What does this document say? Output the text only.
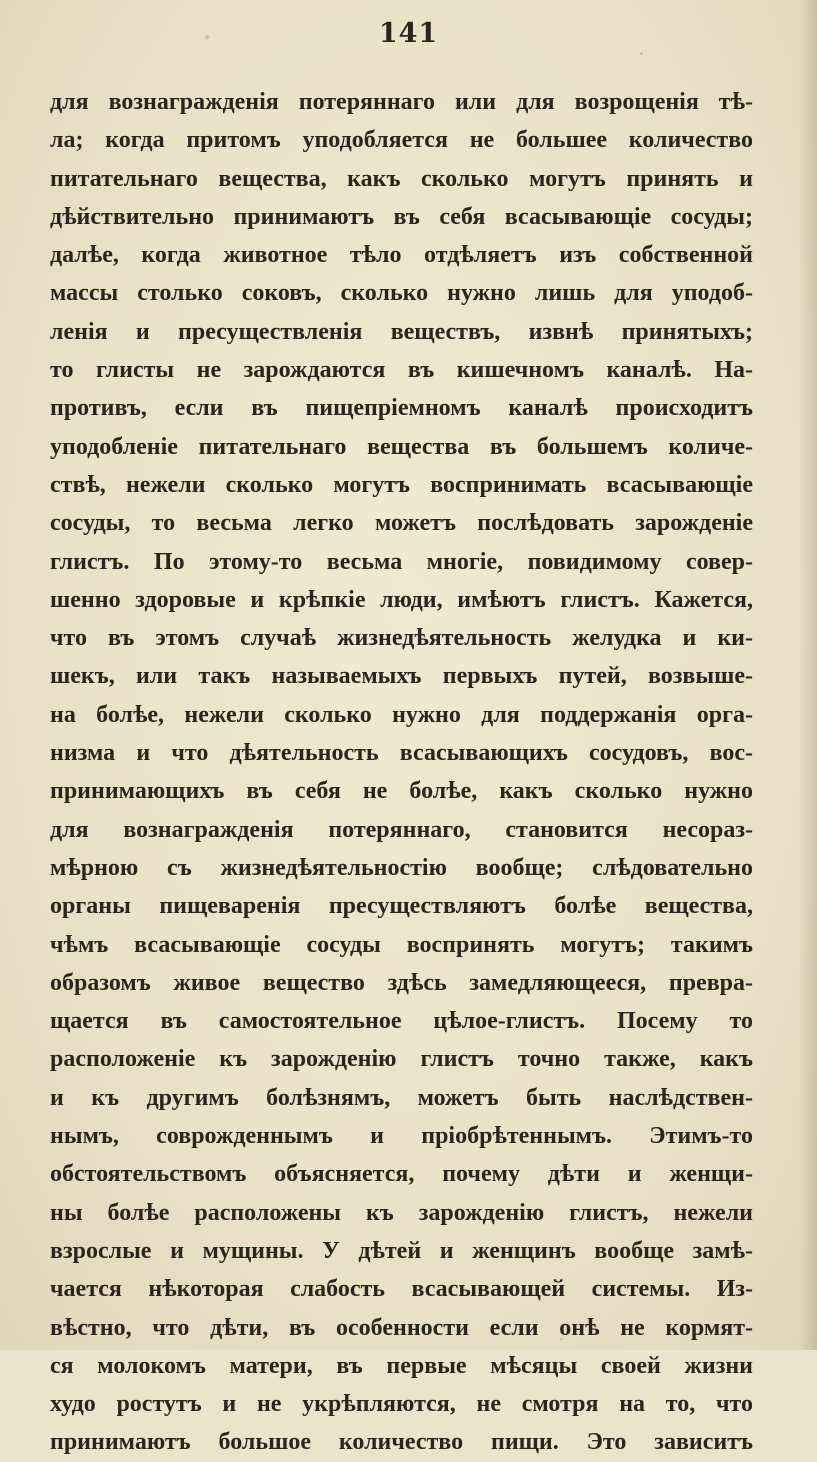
141
для вознагражденія потеряннаго или для возрощенія тѣ-
ла; когда притомъ уподобляется не большее количество
питательнаго вещества, какъ сколько могутъ принять и
дѣйствительно принимаютъ въ себя всасывающіе сосуды;
далѣе, когда животное тѣло отдѣляетъ изъ собственной
массы столько соковъ, сколько нужно лишь для уподоб-
ленія и пресуществленія веществъ, извнѣ принятыхъ;
то глисты не зарождаются въ кишечномъ каналѣ. На-
противъ, если въ пищепріемномъ каналѣ происходитъ
уподобленіе питательнаго вещества въ большемъ количе-
ствѣ, нежели сколько могутъ воспринимать всасывающіе
сосуды, то весьма легко можетъ послѣдовать зарожденіе
глистъ. По этому-то весьма многіе, повидимому совер-
шенно здоровые и крѣпкіе люди, имѣютъ глистъ. Кажется,
что въ этомъ случаѣ жизнедѣятельность желудка и ки-
шекъ, или такъ называемыхъ первыхъ путей, возвыше-
на болѣе, нежели сколько нужно для поддержанія орга-
низма и что дѣятельность всасывающихъ сосудовъ, вос-
принимающихъ въ себя не болѣе, какъ сколько нужно
для вознагражденія потеряннаго, становится несораз-
мѣрною съ жизнедѣятельностію вообще; слѣдовательно
органы пищеваренія пресуществляютъ болѣе вещества,
чѣмъ всасывающіе сосуды воспринять могутъ; такимъ
образомъ живое вещество здѣсь замедляющееся, превра-
щается въ самостоятельное цѣлое-глистъ. Посему то
расположеніе къ зарожденію глистъ точно также, какъ
и къ другимъ болѣзнямъ, можетъ быть наслѣдствен-
нымъ, соврожденнымъ и пріобрѣтеннымъ. Этимъ-то
обстоятельствомъ объясняется, почему дѣти и женщи-
ны болѣе расположены къ зарожденію глистъ, нежели
взрослые и мущины. У дѣтей и женщинъ вообще замѣ-
чается нѣкоторая слабость всасывающей системы. Из-
вѣстно, что дѣти, въ особенности если онѣ не кормят-
ся молокомъ матери, въ первые мѣсяцы своей жизни
худо ростутъ и не укрѣпляются, не смотря на то, что
принимаютъ большое количество пищи. Это зависитъ
